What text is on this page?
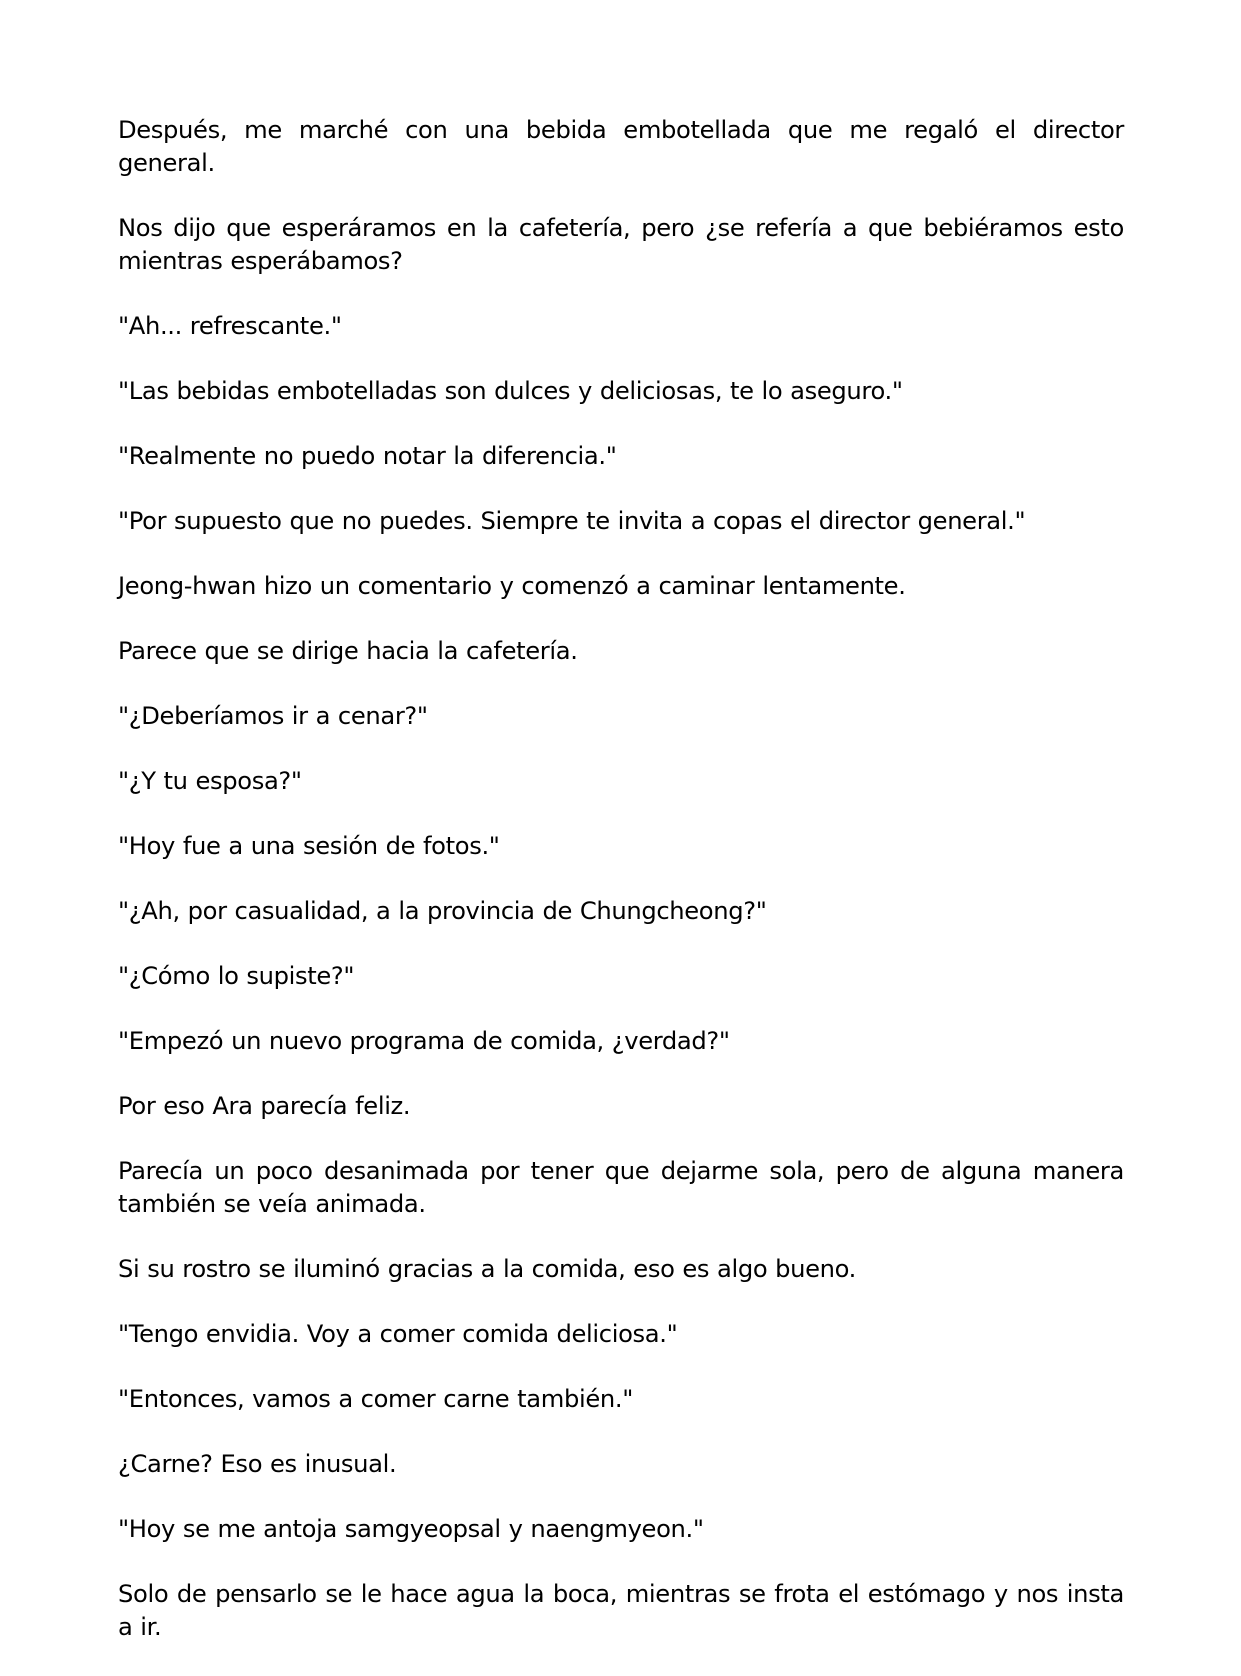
Después, me marché con una bebida embotellada que me regaló el director general.

Nos dijo que esperáramos en la cafetería, pero ¿se refería a que bebiéramos esto mientras esperábamos?

"Ah... refrescante."

"Las bebidas embotelladas son dulces y deliciosas, te lo aseguro."

"Realmente no puedo notar la diferencia."

"Por supuesto que no puedes. Siempre te invita a copas el director general."

Jeong-hwan hizo un comentario y comenzó a caminar lentamente.

Parece que se dirige hacia la cafetería.

"¿Deberíamos ir a cenar?"

"¿Y tu esposa?"

"Hoy fue a una sesión de fotos."

"¿Ah, por casualidad, a la provincia de Chungcheong?"

"¿Cómo lo supiste?"

"Empezó un nuevo programa de comida, ¿verdad?"

Por eso Ara parecía feliz.

Parecía un poco desanimada por tener que dejarme sola, pero de alguna manera también se veía animada.

Si su rostro se iluminó gracias a la comida, eso es algo bueno.

"Tengo envidia. Voy a comer comida deliciosa."

"Entonces, vamos a comer carne también."

¿Carne? Eso es inusual.

"Hoy se me antoja samgyeopsal y naengmyeon."

Solo de pensarlo se le hace agua la boca, mientras se frota el estómago y nos insta a ir.
